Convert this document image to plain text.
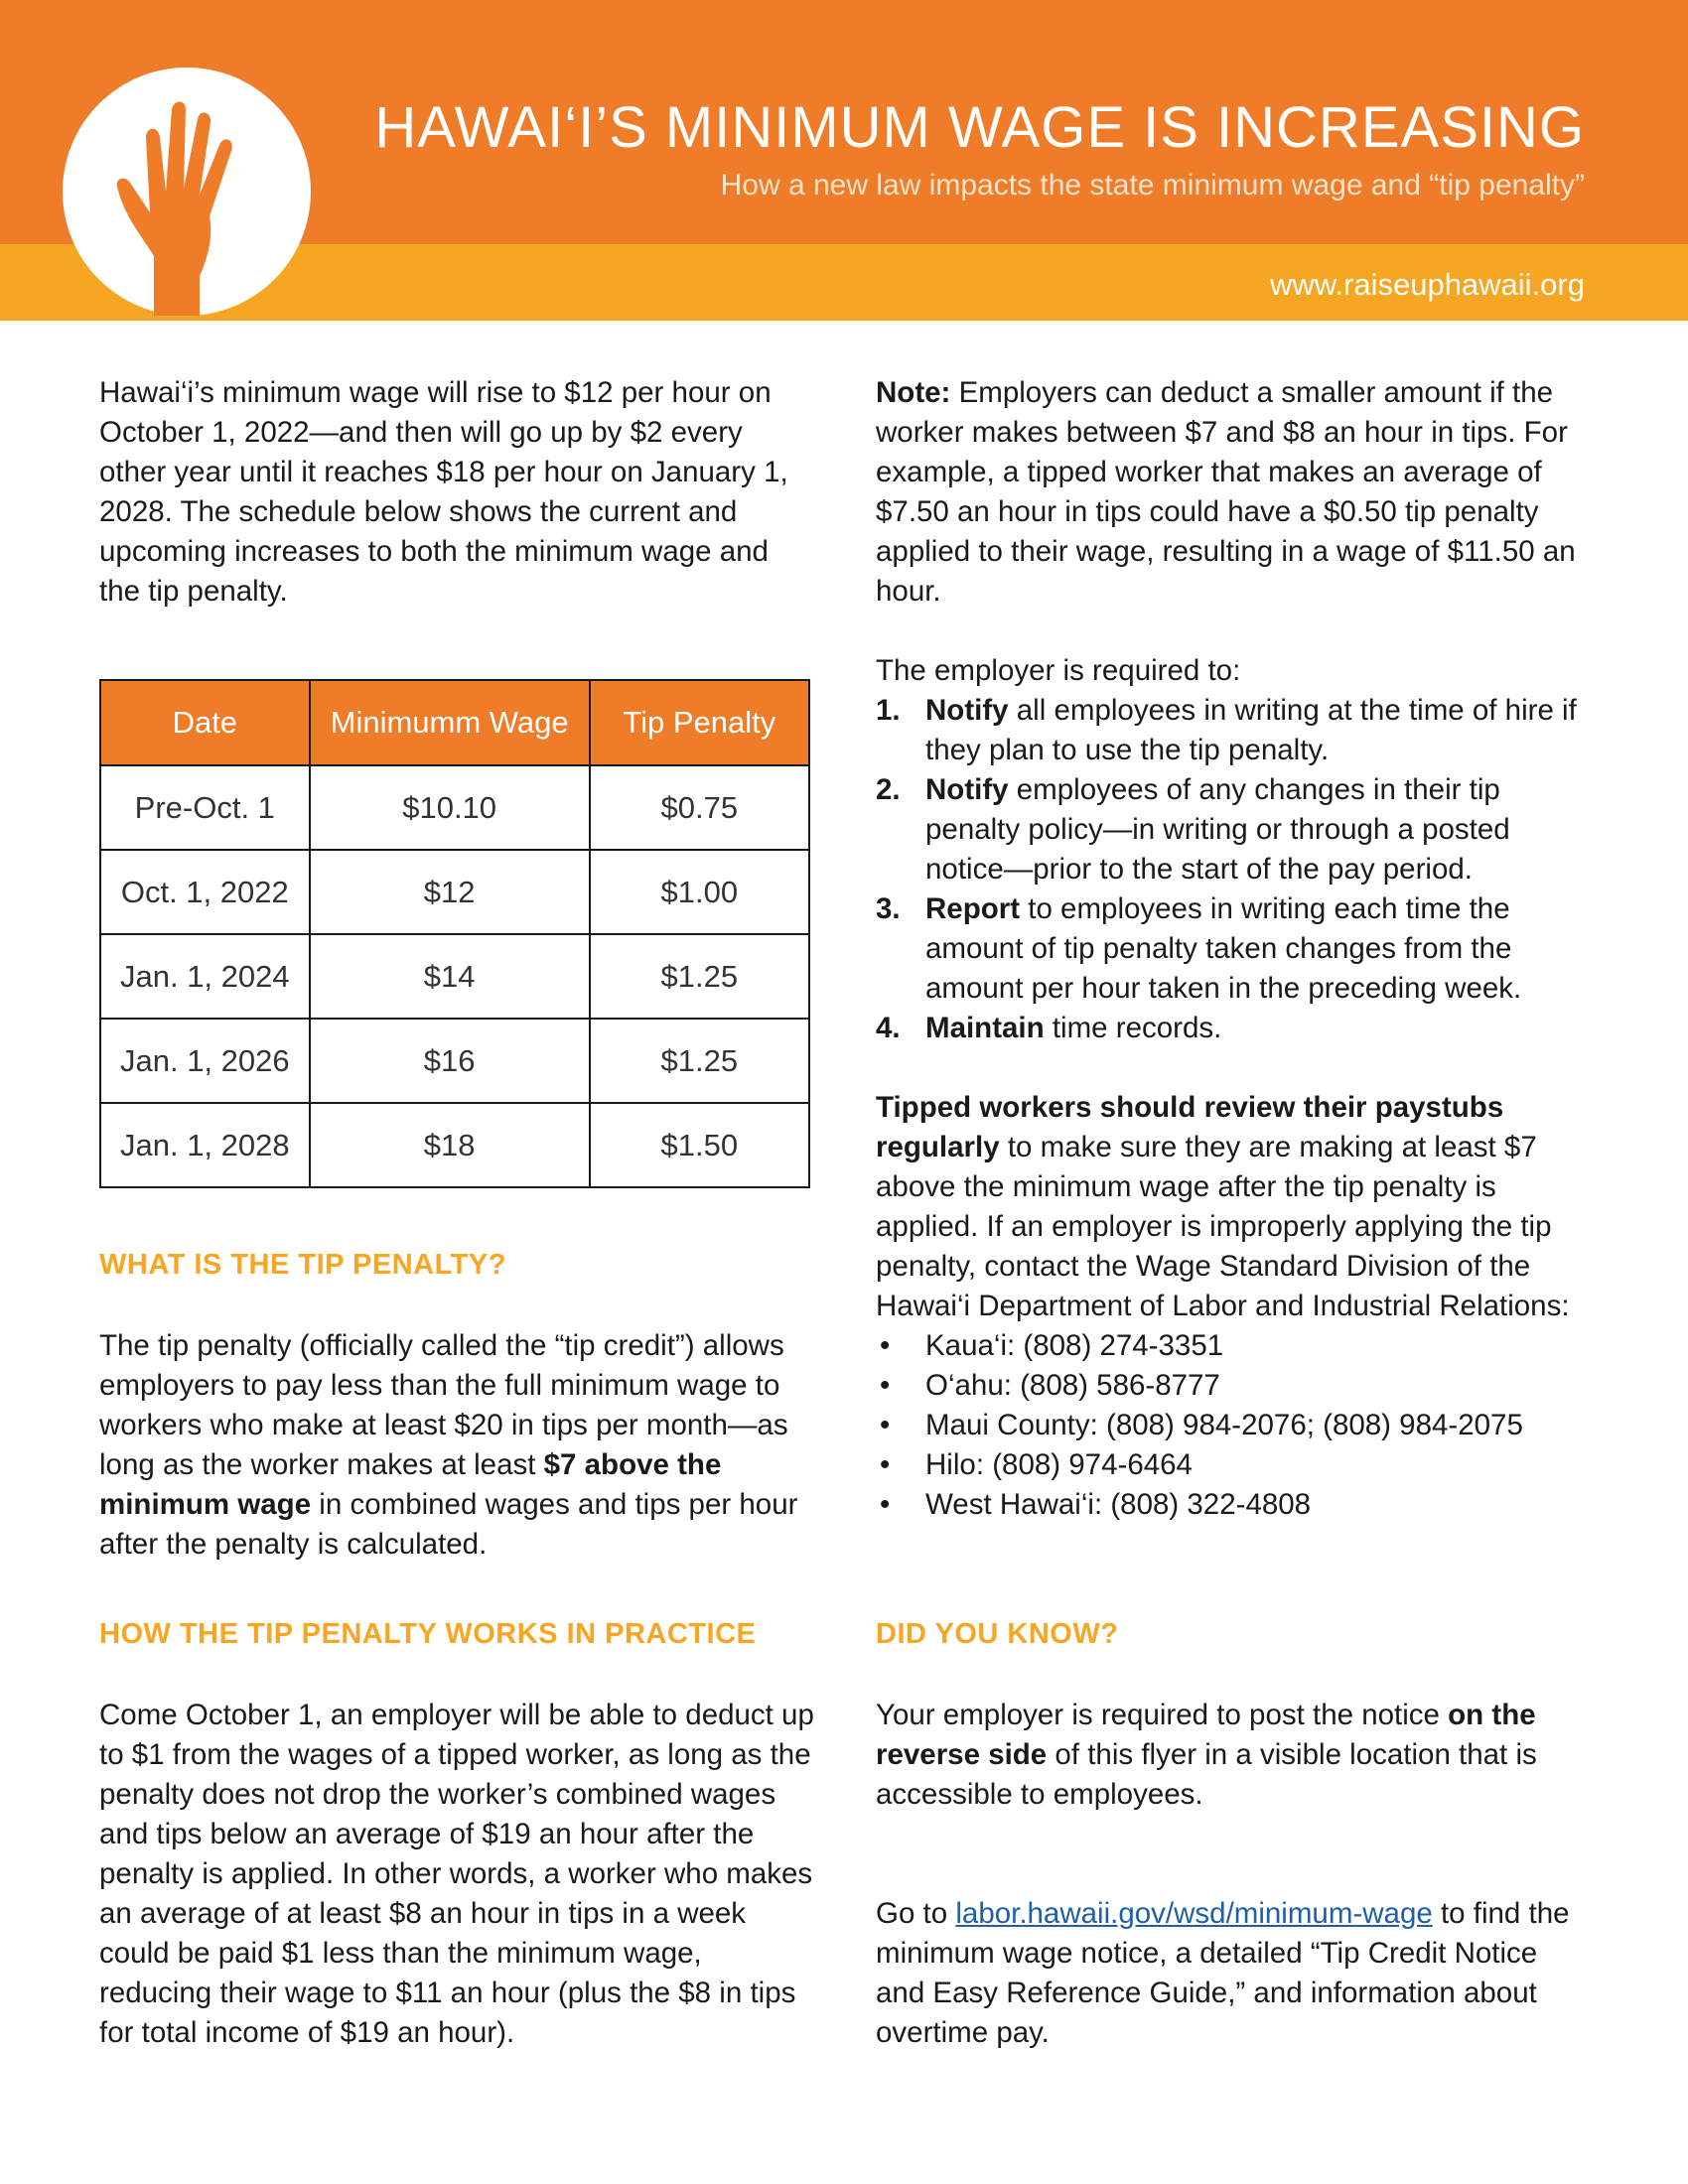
HAWAI‘I’S MINIMUM WAGE IS INCREASING
How a new law impacts the state minimum wage and “tip penalty”
www.raiseuphawaii.org

Hawai‘i’s minimum wage will rise to $12 per hour on October 1, 2022—and then will go up by $2 every other year until it reaches $18 per hour on January 1, 2028. The schedule below shows the current and upcoming increases to both the minimum wage and the tip penalty.

Date	Minimumm Wage	Tip Penalty
Pre-Oct. 1	$10.10	$0.75
Oct. 1, 2022	$12	$1.00
Jan. 1, 2024	$14	$1.25
Jan. 1, 2026	$16	$1.25
Jan. 1, 2028	$18	$1.50
WHAT IS THE TIP PENALTY?

The tip penalty (officially called the “tip credit”) allows employers to pay less than the full minimum wage to workers who make at least $20 in tips per month—as long as the worker makes at least $7 above the minimum wage in combined wages and tips per hour after the penalty is calculated.

HOW THE TIP PENALTY WORKS IN PRACTICE

Come October 1, an employer will be able to deduct up to $1 from the wages of a tipped worker, as long as the penalty does not drop the worker’s combined wages and tips below an average of $19 an hour after the penalty is applied. In other words, a worker who makes an average of at least $8 an hour in tips in a week could be paid $1 less than the minimum wage, reducing their wage to $11 an hour (plus the $8 in tips for total income of $19 an hour).

Note: Employers can deduct a smaller amount if the worker makes between $7 and $8 an hour in tips. For example, a tipped worker that makes an average of $7.50 an hour in tips could have a $0.50 tip penalty applied to their wage, resulting in a wage of $11.50 an hour.

The employer is required to:

1. Notify all employees in writing at the time of hire if they plan to use the tip penalty.
2. Notify employees of any changes in their tip penalty policy—in writing or through a posted notice—prior to the start of the pay period.
3. Report to employees in writing each time the amount of tip penalty taken changes from the amount per hour taken in the preceding week.
4. Maintain time records.

Tipped workers should review their paystubs regularly to make sure they are making at least $7 above the minimum wage after the tip penalty is applied. If an employer is improperly applying the tip penalty, contact the Wage Standard Division of the Hawai‘i Department of Labor and Industrial Relations:

• Kaua‘i: (808) 274-3351
• O‘ahu: (808) 586-8777
• Maui County: (808) 984-2076; (808) 984-2075
• Hilo: (808) 974-6464
• West Hawai‘i: (808) 322-4808
DID YOU KNOW?

Your employer is required to post the notice on the reverse side of this flyer in a visible location that is accessible to employees.

Go to labor.hawaii.gov/wsd/minimum-wage to find the minimum wage notice, a detailed “Tip Credit Notice and Easy Reference Guide,” and information about overtime pay.
